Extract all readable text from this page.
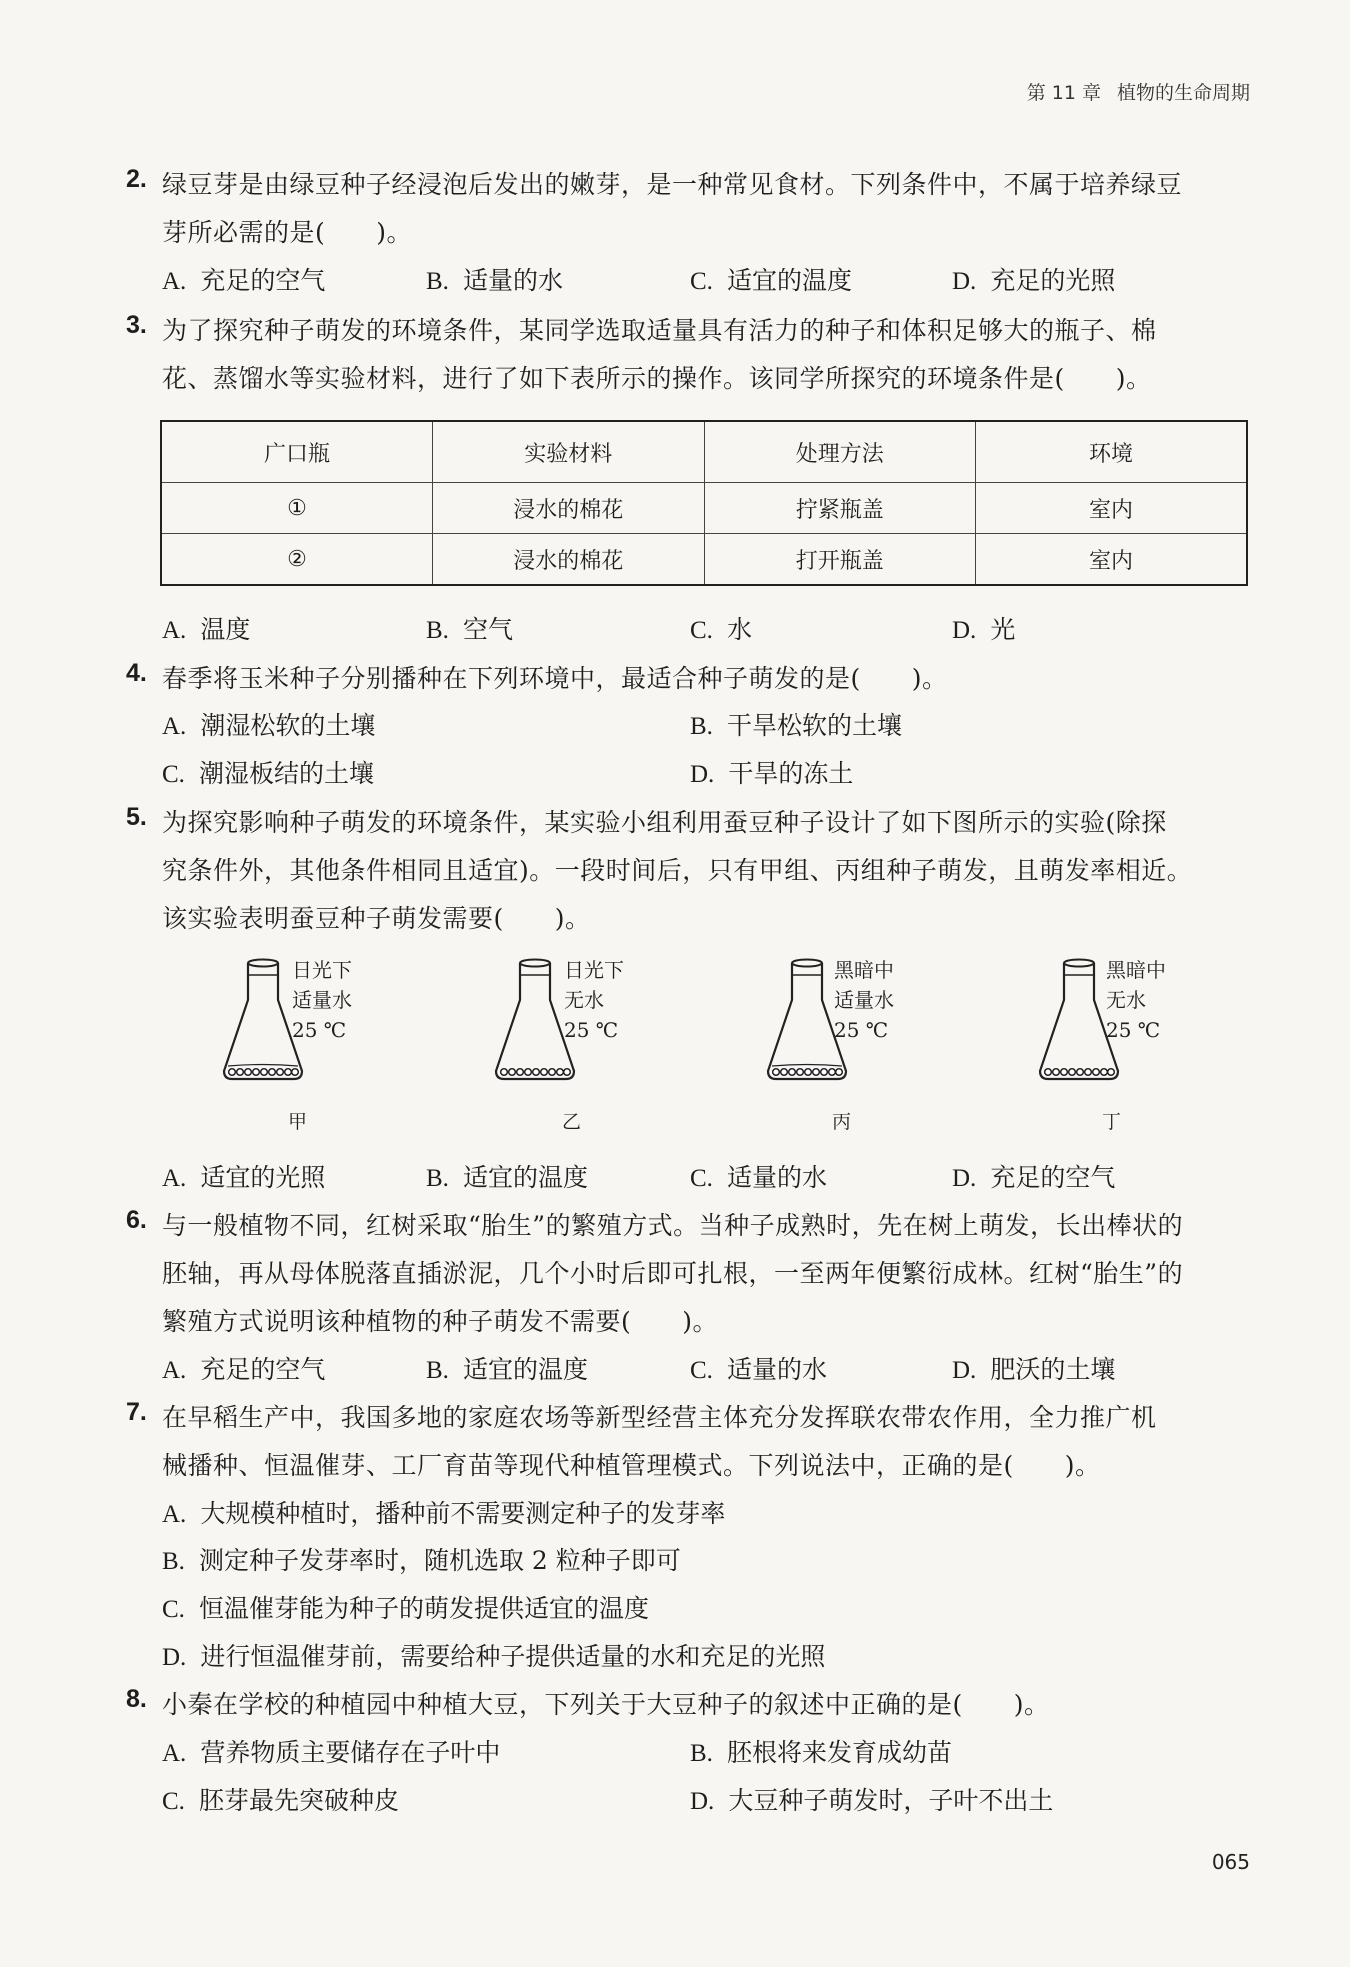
第 11 章 植物的生命周期
2. 绿豆芽是由绿豆种子经浸泡后发出的嫩芽，是一种常见食材。下列条件中，不属于培养绿豆
芽所必需的是(　　)。
A. 充足的空气	B. 适量的水	C. 适宜的温度	D. 充足的光照
3. 为了探究种子萌发的环境条件，某同学选取适量具有活力的种子和体积足够大的瓶子、棉
花、蒸馏水等实验材料，进行了如下表所示的操作。该同学所探究的环境条件是(　　)。
广口瓶	实验材料	处理方法	环境
①	浸水的棉花	拧紧瓶盖	室内
②	浸水的棉花	打开瓶盖	室内
A. 温度	B. 空气	C. 水	D. 光
4. 春季将玉米种子分别播种在下列环境中，最适合种子萌发的是(　　)。
A. 潮湿松软的土壤	B. 干旱松软的土壤
C. 潮湿板结的土壤	D. 干旱的冻土
5. 为探究影响种子萌发的环境条件，某实验小组利用蚕豆种子设计了如下图所示的实验(除探
究条件外，其他条件相同且适宜)。一段时间后，只有甲组、丙组种子萌发，且萌发率相近。
该实验表明蚕豆种子萌发需要(　　)。
日光下
适量水
25 ℃
甲
日光下
无水
25 ℃
乙
黑暗中
适量水
25 ℃
丙
黑暗中
无水
25 ℃
丁
A. 适宜的光照	B. 适宜的温度	C. 适量的水	D. 充足的空气
6. 与一般植物不同，红树采取“胎生”的繁殖方式。当种子成熟时，先在树上萌发，长出棒状的
胚轴，再从母体脱落直插淤泥，几个小时后即可扎根，一至两年便繁衍成林。红树“胎生”的
繁殖方式说明该种植物的种子萌发不需要(　　)。
A. 充足的空气	B. 适宜的温度	C. 适量的水	D. 肥沃的土壤
7. 在早稻生产中，我国多地的家庭农场等新型经营主体充分发挥联农带农作用，全力推广机
械播种、恒温催芽、工厂育苗等现代种植管理模式。下列说法中，正确的是(　　)。
A. 大规模种植时，播种前不需要测定种子的发芽率
B. 测定种子发芽率时，随机选取 2 粒种子即可
C. 恒温催芽能为种子的萌发提供适宜的温度
D. 进行恒温催芽前，需要给种子提供适量的水和充足的光照
8. 小秦在学校的种植园中种植大豆，下列关于大豆种子的叙述中正确的是(　　)。
A. 营养物质主要储存在子叶中	B. 胚根将来发育成幼苗
C. 胚芽最先突破种皮	D. 大豆种子萌发时，子叶不出土
065
